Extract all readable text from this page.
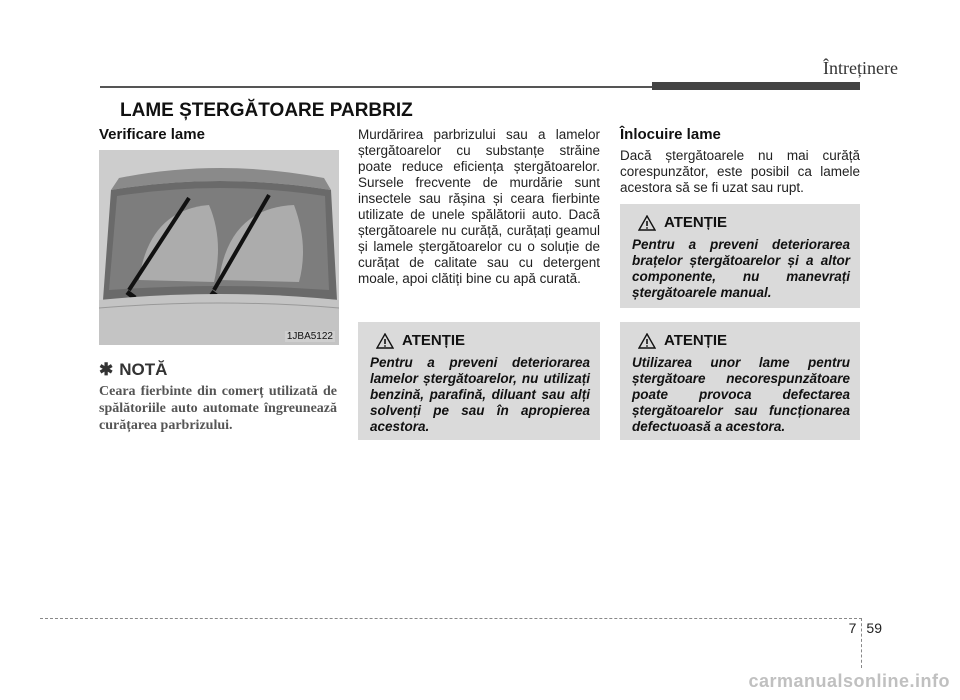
Întreținere
LAME ȘTERGĂTOARE PARBRIZ
Verificare lame
1JBA5122
✱ NOTĂ
Ceara fierbinte din comerț utilizată de spălătoriile auto automate îngreunează curățarea parbrizului.
Murdărirea parbrizului sau a lamelor ștergătoarelor cu substanțe străine poate reduce eficiența ștergătoarelor. Sursele frecvente de murdărie sunt insectele sau rășina și ceara fierbinte utilizate de unele spălătorii auto. Dacă ștergătoarele nu curăță, curățați geamul și lamele ștergătoarelor cu o soluție de curățat de calitate sau cu detergent moale, apoi clătiți bine cu apă curată.
ATENȚIE
Pentru a preveni deteriorarea lamelor ștergătoarelor, nu utilizați benzină, parafină, diluant sau alți solvenți pe sau în apropierea acestora.
Înlocuire lame
Dacă ștergătoarele nu mai curăță corespunzător, este posibil ca lamele acestora să se fi uzat sau rupt.
ATENȚIE
Pentru a preveni deteriorarea brațelor ștergătoarelor și a altor componente, nu manevrați ștergătoarele manual.
ATENȚIE
Utilizarea unor lame pentru ștergătoare necorespunzătoare poate provoca defectarea ștergătoarelor sau funcționarea defectuoasă a acestora.
7 59
carmanualsonline.info
